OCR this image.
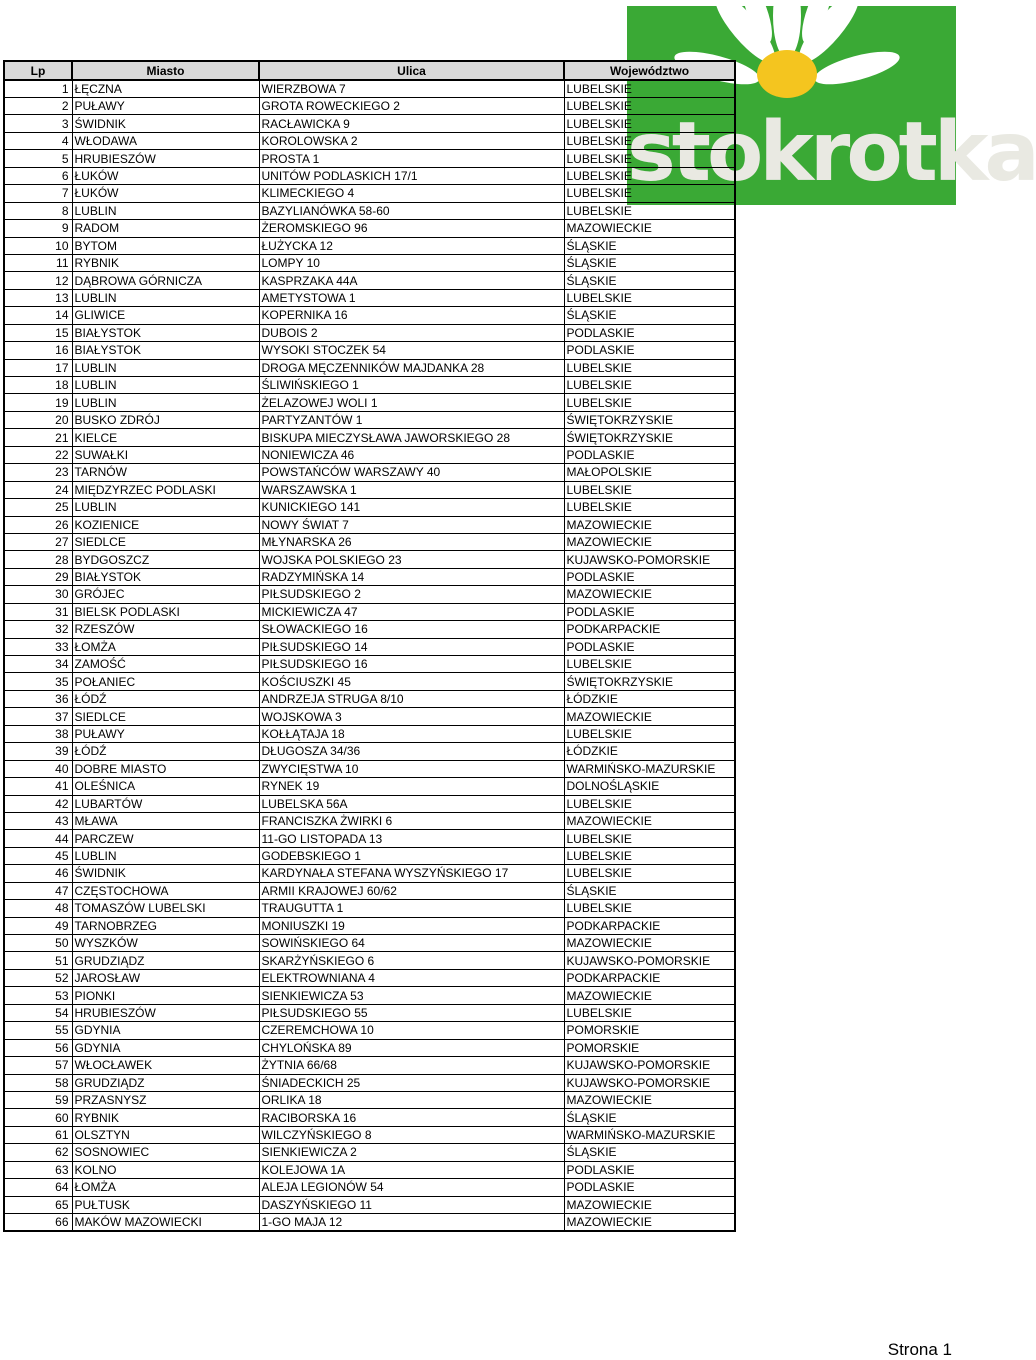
stokrotka
Lp	Miasto	Ulica	Województwo
1	ŁĘCZNA	WIERZBOWA 7	LUBELSKIE
2	PUŁAWY	GROTA ROWECKIEGO 2	LUBELSKIE
3	ŚWIDNIK	RACŁAWICKA 9	LUBELSKIE
4	WŁODAWA	KOROLOWSKA 2	LUBELSKIE
5	HRUBIESZÓW	PROSTA 1	LUBELSKIE
6	ŁUKÓW	UNITÓW PODLASKICH 17/1	LUBELSKIE
7	ŁUKÓW	KLIMECKIEGO 4	LUBELSKIE
8	LUBLIN	BAZYLIANÓWKA 58-60	LUBELSKIE
9	RADOM	ŻEROMSKIEGO 96	MAZOWIECKIE
10	BYTOM	ŁUŻYCKA 12	ŚLĄSKIE
11	RYBNIK	LOMPY 10	ŚLĄSKIE
12	DĄBROWA GÓRNICZA	KASPRZAKA 44A	ŚLĄSKIE
13	LUBLIN	AMETYSTOWA 1	LUBELSKIE
14	GLIWICE	KOPERNIKA 16	ŚLĄSKIE
15	BIAŁYSTOK	DUBOIS 2	PODLASKIE
16	BIAŁYSTOK	WYSOKI STOCZEK 54	PODLASKIE
17	LUBLIN	DROGA MĘCZENNIKÓW MAJDANKA 28	LUBELSKIE
18	LUBLIN	ŚLIWIŃSKIEGO 1	LUBELSKIE
19	LUBLIN	ŻELAZOWEJ WOLI 1	LUBELSKIE
20	BUSKO ZDRÓJ	PARTYZANTÓW 1	ŚWIĘTOKRZYSKIE
21	KIELCE	BISKUPA MIECZYSŁAWA JAWORSKIEGO 28	ŚWIĘTOKRZYSKIE
22	SUWAŁKI	NONIEWICZA 46	PODLASKIE
23	TARNÓW	POWSTAŃCÓW WARSZAWY 40	MAŁOPOLSKIE
24	MIĘDZYRZEC PODLASKI	WARSZAWSKA 1	LUBELSKIE
25	LUBLIN	KUNICKIEGO 141	LUBELSKIE
26	KOZIENICE	NOWY ŚWIAT 7	MAZOWIECKIE
27	SIEDLCE	MŁYNARSKA 26	MAZOWIECKIE
28	BYDGOSZCZ	WOJSKA POLSKIEGO 23	KUJAWSKO-POMORSKIE
29	BIAŁYSTOK	RADZYMIŃSKA 14	PODLASKIE
30	GRÓJEC	PIŁSUDSKIEGO 2	MAZOWIECKIE
31	BIELSK PODLASKI	MICKIEWICZA 47	PODLASKIE
32	RZESZÓW	SŁOWACKIEGO 16	PODKARPACKIE
33	ŁOMŻA	PIŁSUDSKIEGO 14	PODLASKIE
34	ZAMOŚĆ	PIŁSUDSKIEGO 16	LUBELSKIE
35	POŁANIEC	KOŚCIUSZKI 45	ŚWIĘTOKRZYSKIE
36	ŁÓDŹ	ANDRZEJA STRUGA 8/10	ŁÓDZKIE
37	SIEDLCE	WOJSKOWA 3	MAZOWIECKIE
38	PUŁAWY	KOŁŁĄTAJA 18	LUBELSKIE
39	ŁÓDŹ	DŁUGOSZA 34/36	ŁÓDZKIE
40	DOBRE MIASTO	ZWYCIĘSTWA 10	WARMIŃSKO-MAZURSKIE
41	OLEŚNICA	RYNEK 19	DOLNOŚLĄSKIE
42	LUBARTÓW	LUBELSKA 56A	LUBELSKIE
43	MŁAWA	FRANCISZKA ŻWIRKI 6	MAZOWIECKIE
44	PARCZEW	11-GO LISTOPADA 13	LUBELSKIE
45	LUBLIN	GODEBSKIEGO 1	LUBELSKIE
46	ŚWIDNIK	KARDYNAŁA STEFANA WYSZYŃSKIEGO 17	LUBELSKIE
47	CZĘSTOCHOWA	ARMII KRAJOWEJ 60/62	ŚLĄSKIE
48	TOMASZÓW LUBELSKI	TRAUGUTTA 1	LUBELSKIE
49	TARNOBRZEG	MONIUSZKI 19	PODKARPACKIE
50	WYSZKÓW	SOWIŃSKIEGO 64	MAZOWIECKIE
51	GRUDZIĄDZ	SKARŻYŃSKIEGO 6	KUJAWSKO-POMORSKIE
52	JAROSŁAW	ELEKTROWNIANA 4	PODKARPACKIE
53	PIONKI	SIENKIEWICZA 53	MAZOWIECKIE
54	HRUBIESZÓW	PIŁSUDSKIEGO 55	LUBELSKIE
55	GDYNIA	CZEREMCHOWA 10	POMORSKIE
56	GDYNIA	CHYLOŃSKA 89	POMORSKIE
57	WŁOCŁAWEK	ŻYTNIA 66/68	KUJAWSKO-POMORSKIE
58	GRUDZIĄDZ	ŚNIADECKICH 25	KUJAWSKO-POMORSKIE
59	PRZASNYSZ	ORLIKA 18	MAZOWIECKIE
60	RYBNIK	RACIBORSKA 16	ŚLĄSKIE
61	OLSZTYN	WILCZYŃSKIEGO 8	WARMIŃSKO-MAZURSKIE
62	SOSNOWIEC	SIENKIEWICZA 2	ŚLĄSKIE
63	KOLNO	KOLEJOWA 1A	PODLASKIE
64	ŁOMŻA	ALEJA LEGIONÓW 54	PODLASKIE
65	PUŁTUSK	DASZYŃSKIEGO 11	MAZOWIECKIE
66	MAKÓW MAZOWIECKI	1-GO MAJA 12	MAZOWIECKIE
Strona 1
